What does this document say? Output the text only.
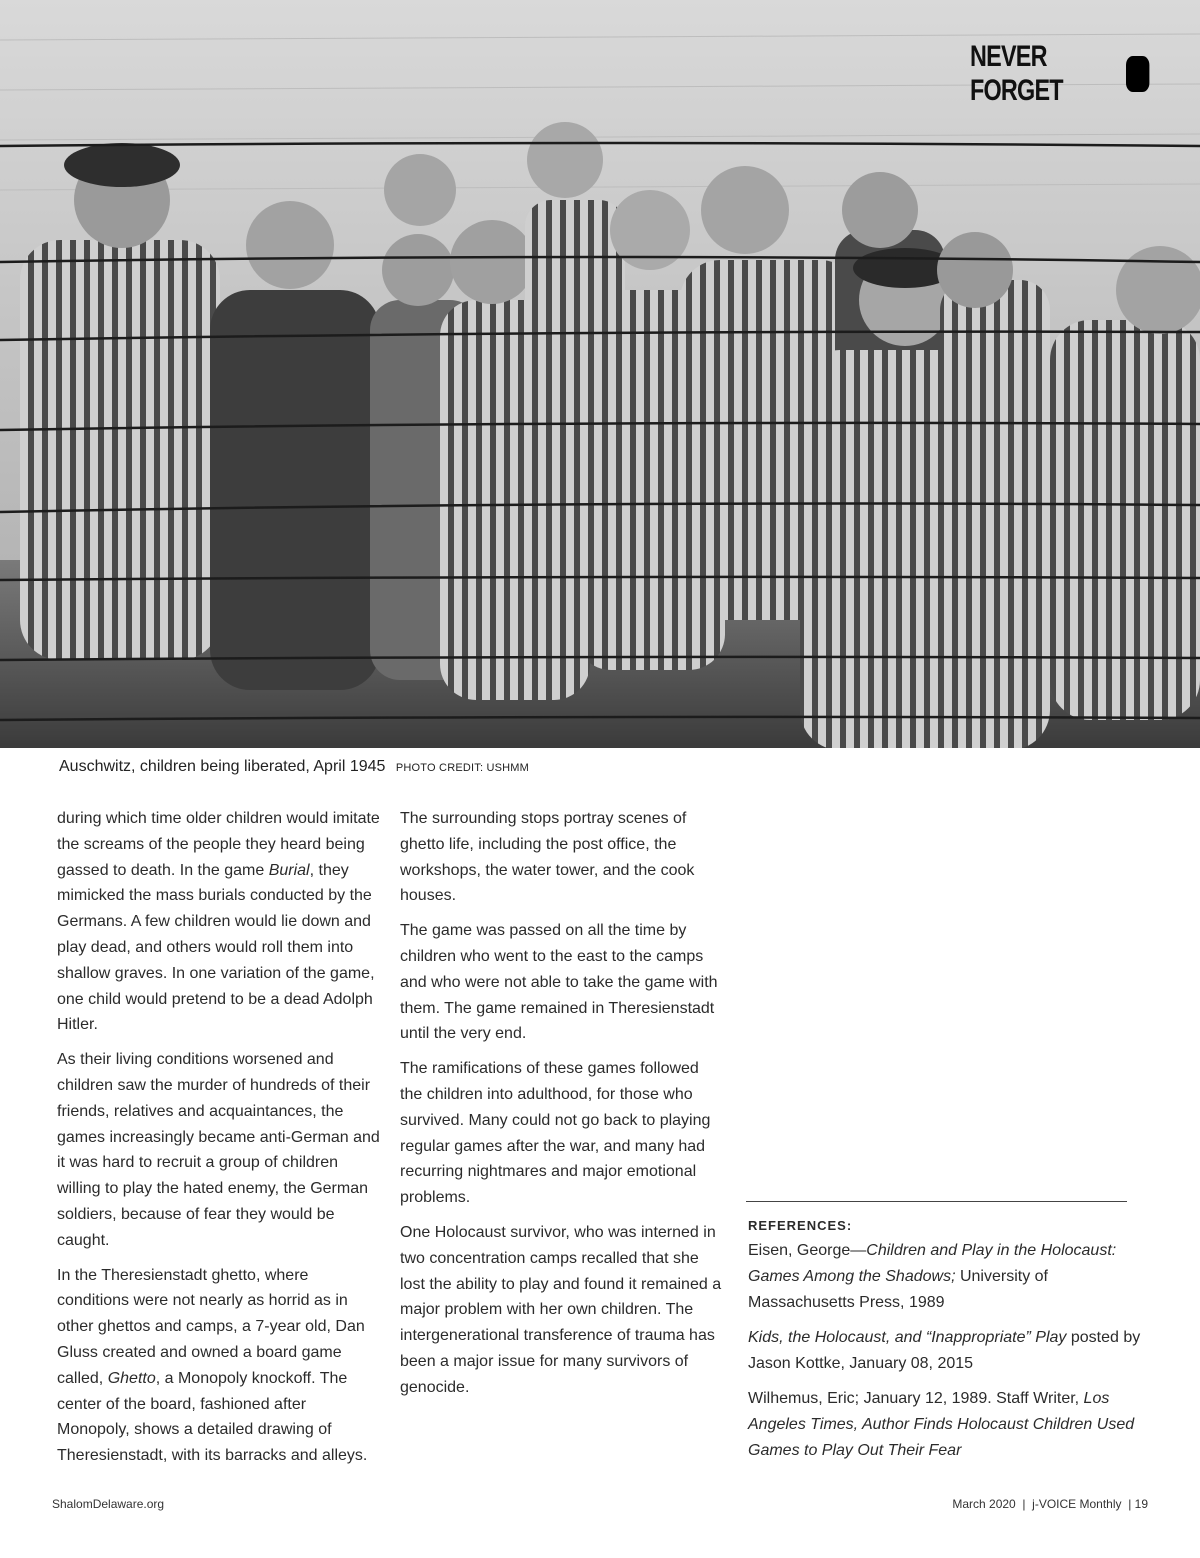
NEVER FORGET
Auschwitz, children being liberated, April 1945 PHOTO CREDIT: USHMM

during which time older children would imitate the screams of the people they heard being gassed to death. In the game Burial, they mimicked the mass burials conducted by the Germans. A few children would lie down and play dead, and others would roll them into shallow graves. In one variation of the game, one child would pretend to be a dead Adolph Hitler.

As their living conditions worsened and children saw the murder of hundreds of their friends, relatives and acquaintances, the games increasingly became anti-German and it was hard to recruit a group of children willing to play the hated enemy, the German soldiers, because of fear they would be caught.

In the Theresienstadt ghetto, where conditions were not nearly as horrid as in other ghettos and camps, a 7-year old, Dan Gluss created and owned a board game called, Ghetto, a Monopoly knockoff. The center of the board, fashioned after Monopoly, shows a detailed drawing of Theresienstadt, with its barracks and alleys.

The surrounding stops portray scenes of ghetto life, including the post office, the workshops, the water tower, and the cook houses.

The game was passed on all the time by children who went to the east to the camps and who were not able to take the game with them. The game remained in Theresienstadt until the very end.

The ramifications of these games followed the children into adulthood, for those who survived. Many could not go back to playing regular games after the war, and many had recurring nightmares and major emotional problems.

One Holocaust survivor, who was interned in two concentration camps recalled that she lost the ability to play and found it remained a major problem with her own children. The intergenerational transference of trauma has been a major issue for many survivors of genocide.

REFERENCES:

Eisen, George—Children and Play in the Holocaust: Games Among the Shadows; University of Massachusetts Press, 1989

Kids, the Holocaust, and “Inappropriate” Play posted by Jason Kottke, January 08, 2015

Wilhemus, Eric; January 12, 1989. Staff Writer, Los Angeles Times, Author Finds Holocaust Children Used Games to Play Out Their Fear

ShalomDelaware.org	March 2020  |  j-VOICE Monthly  | 19
